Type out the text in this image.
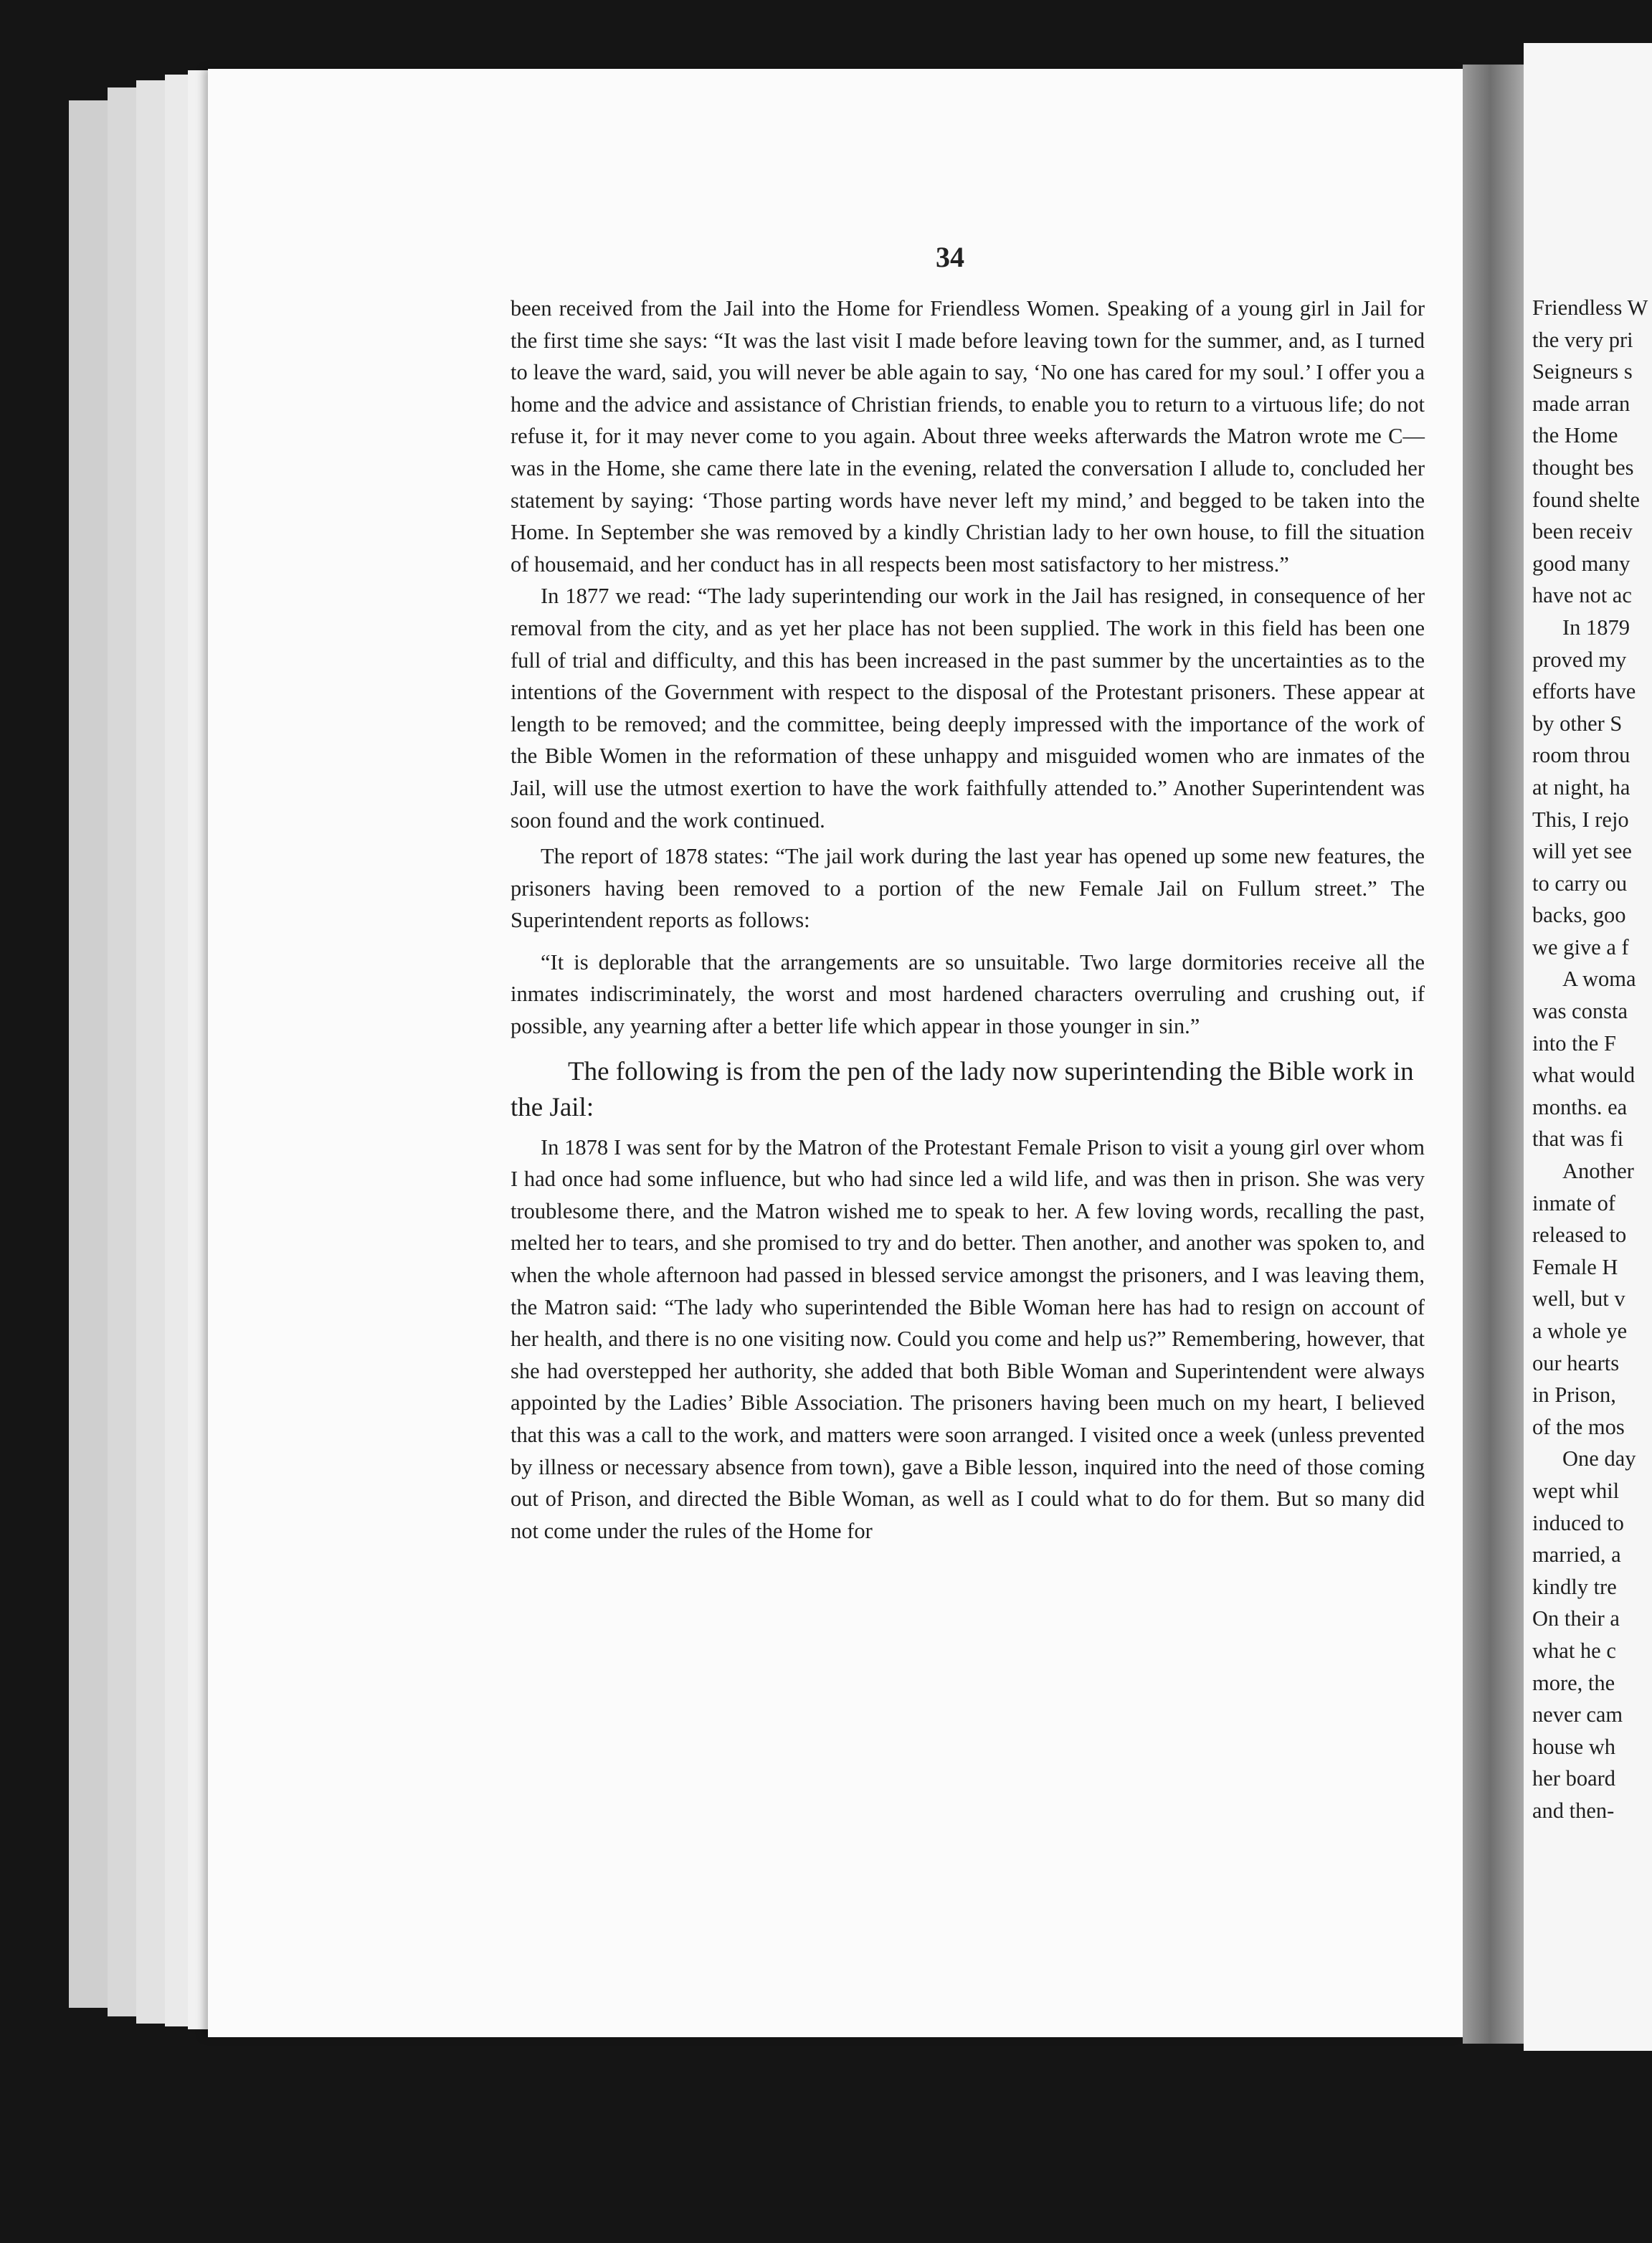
34

been received from the Jail into the Home for Friendless Women. Speaking of a young girl in Jail for the first time she says: “It was the last visit I made before leaving town for the summer, and, as I turned to leave the ward, said, you will never be able again to say, ‘No one has cared for my soul.’ I offer you a home and the advice and assistance of Christian friends, to enable you to return to a virtuous life; do not refuse it, for it may never come to you again. About three weeks afterwards the Matron wrote me C— was in the Home, she came there late in the evening, related the conversation I allude to, concluded her statement by saying: ‘Those parting words have never left my mind,’ and begged to be taken into the Home. In September she was removed by a kindly Christian lady to her own house, to fill the situation of housemaid, and her conduct has in all respects been most satisfactory to her mistress.”

In 1877 we read: “The lady superintending our work in the Jail has resigned, in consequence of her removal from the city, and as yet her place has not been supplied. The work in this field has been one full of trial and difficulty, and this has been increased in the past summer by the uncertainties as to the intentions of the Government with respect to the disposal of the Protestant prisoners. These appear at length to be removed; and the committee, being deeply impressed with the importance of the work of the Bible Women in the reformation of these unhappy and misguided women who are inmates of the Jail, will use the utmost exertion to have the work faithfully attended to.” Another Superintendent was soon found and the work continued.

The report of 1878 states: “The jail work during the last year has opened up some new features, the prisoners having been removed to a portion of the new Female Jail on Fullum street.” The Superintendent reports as follows:

“It is deplorable that the arrangements are so unsuitable. Two large dormitories receive all the inmates indiscriminately, the worst and most hardened characters overruling and crushing out, if possible, any yearning after a better life which appear in those younger in sin.”

The following is from the pen of the lady now superintending the Bible work in the Jail:

In 1878 I was sent for by the Matron of the Protestant Female Prison to visit a young girl over whom I had once had some influence, but who had since led a wild life, and was then in prison. She was very troublesome there, and the Matron wished me to speak to her. A few loving words, recalling the past, melted her to tears, and she promised to try and do better. Then another, and another was spoken to, and when the whole afternoon had passed in blessed service amongst the prisoners, and I was leaving them, the Matron said: “The lady who superintended the Bible Woman here has had to resign on account of her health, and there is no one visiting now. Could you come and help us?” Remembering, however, that she had overstepped her authority, she added that both Bible Woman and Superintendent were always appointed by the Ladies’ Bible Association. The prisoners having been much on my heart, I believed that this was a call to the work, and matters were soon arranged. I visited once a week (unless prevented by illness or necessary absence from town), gave a Bible lesson, inquired into the need of those coming out of Prison, and directed the Bible Woman, as well as I could what to do for them. But so many did not come under the rules of the Home for

Friendless W
the very pri
Seigneurs s
made arran
the Home
thought bes
found shelte
been receiv
good many
have not ac
In 1879
proved my
efforts have
by other S
room throu
at night, ha
This, I rejo
will yet see
to carry ou
backs, goo
we give a f
A woma
was consta
into the F
what would
months. ea
that was fi
Another
inmate of
released to
Female H
well, but v
a whole ye
our hearts
in Prison,
of the mos
One day
wept whil
induced to
married, a
kindly tre
On their a
what he c
more, the
never cam
house wh
her board
and then-
